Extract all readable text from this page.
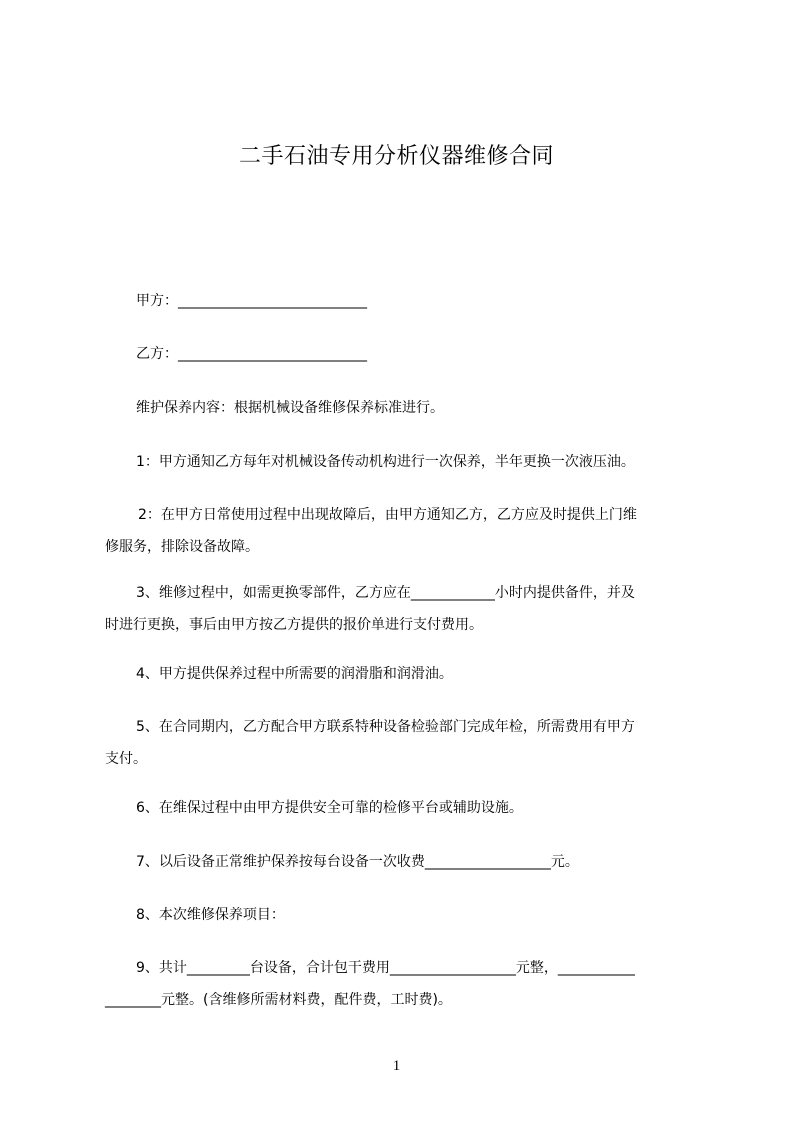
二手石油专用分析仪器维修合同
甲方：___________________________
乙方：___________________________
维护保养内容：根据机械设备维修保养标准进行。
1：甲方通知乙方每年对机械设备传动机构进行一次保养，半年更换一次液压油。
2：在甲方日常使用过程中出现故障后，由甲方通知乙方，乙方应及时提供上门维
修服务，排除设备故障。
3、维修过程中，如需更换零部件，乙方应在____________小时内提供备件，并及
时进行更换，事后由甲方按乙方提供的报价单进行支付费用。
4、甲方提供保养过程中所需要的润滑脂和润滑油。
5、在合同期内，乙方配合甲方联系特种设备检验部门完成年检，所需费用有甲方
支付。
6、在维保过程中由甲方提供安全可靠的检修平台或辅助设施。
7、以后设备正常维护保养按每台设备一次收费__________________元。
8、本次维修保养项目：
9、共计_________台设备，合计包干费用__________________元整，___________
________元整。(含维修所需材料费，配件费，工时费)。
1
